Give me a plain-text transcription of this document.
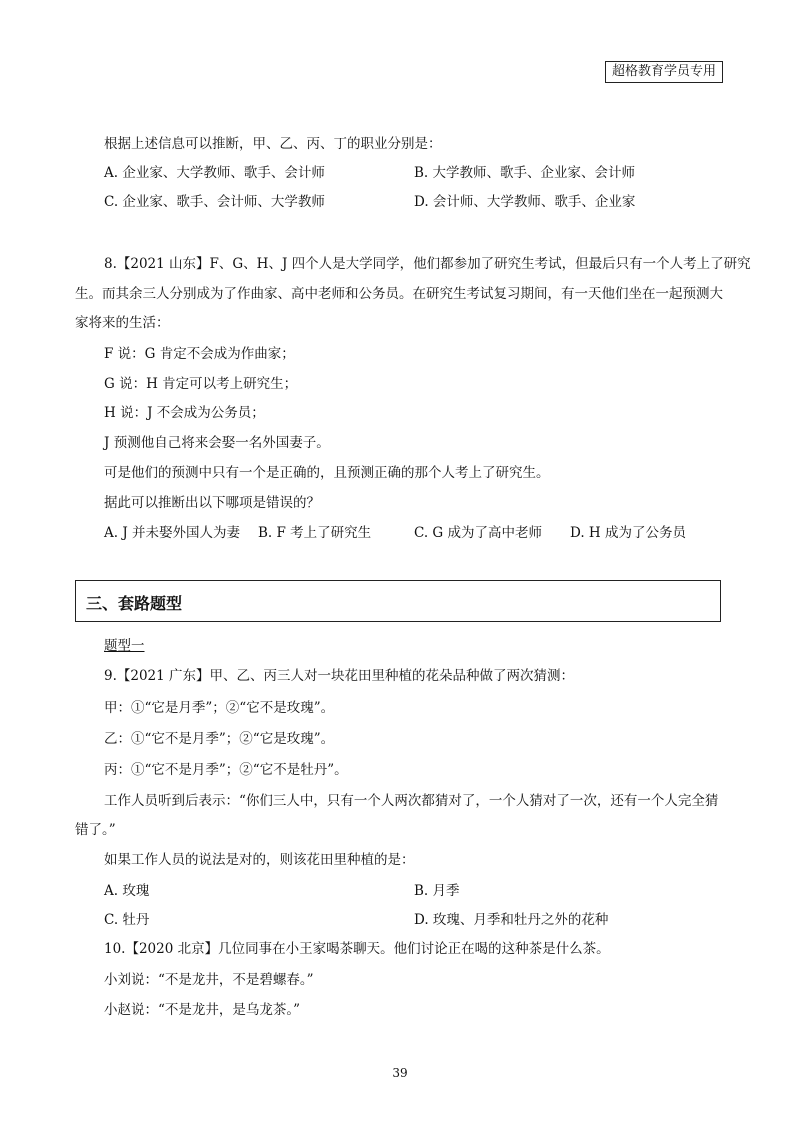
超格教育学员专用
根据上述信息可以推断，甲、乙、丙、丁的职业分别是：
A. 企业家、大学教师、歌手、会计师	B. 大学教师、歌手、企业家、会计师
C. 企业家、歌手、会计师、大学教师	D. 会计师、大学教师、歌手、企业家
8.【2021 山东】F、G、H、J 四个人是大学同学，他们都参加了研究生考试，但最后只有一个人考上了研究
生。而其余三人分别成为了作曲家、高中老师和公务员。在研究生考试复习期间，有一天他们坐在一起预测大
家将来的生活：
F 说：G 肯定不会成为作曲家；
G 说：H 肯定可以考上研究生；
H 说：J 不会成为公务员；
J 预测他自己将来会娶一名外国妻子。
可是他们的预测中只有一个是正确的，且预测正确的那个人考上了研究生。
据此可以推断出以下哪项是错误的？
A. J 并未娶外国人为妻 B. F 考上了研究生	C. G 成为了高中老师 D. H 成为了公务员
三、套路题型
题型一
9.【2021 广东】甲、乙、丙三人对一块花田里种植的花朵品种做了两次猜测：
甲：①“它是月季”；②“它不是玫瑰”。
乙：①“它不是月季”；②“它是玫瑰”。
丙：①“它不是月季”；②“它不是牡丹”。
工作人员听到后表示：“你们三人中，只有一个人两次都猜对了，一个人猜对了一次，还有一个人完全猜
错了。”
如果工作人员的说法是对的，则该花田里种植的是：
A. 玫瑰	B. 月季
C. 牡丹	D. 玫瑰、月季和牡丹之外的花种
10.【2020 北京】几位同事在小王家喝茶聊天。他们讨论正在喝的这种茶是什么茶。
小刘说：“不是龙井，不是碧螺春。”
小赵说：“不是龙井，是乌龙茶。”
39
